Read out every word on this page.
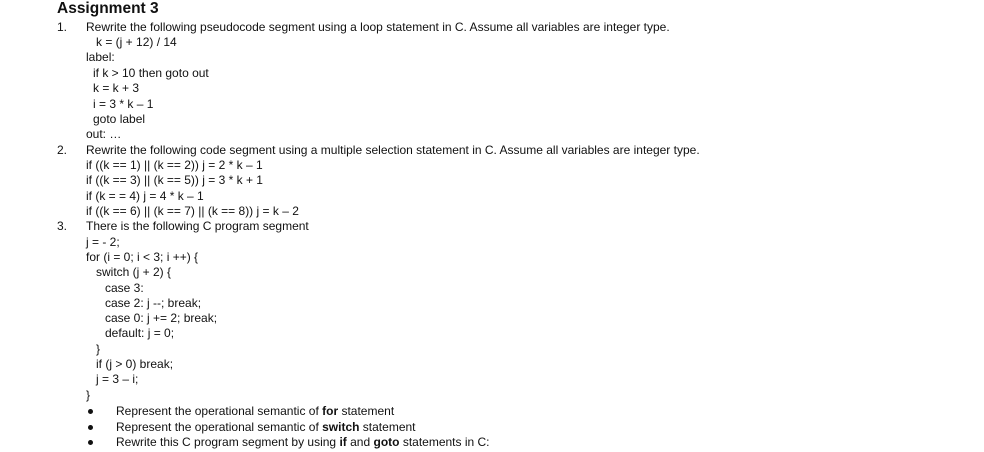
Assignment 3
1. Rewrite the following pseudocode segment using a loop statement in C. Assume all variables are integer type.
k = (j + 12) / 14
label:
if k > 10 then goto out
k = k + 3
i = 3 * k – 1
goto label
out: …
2. Rewrite the following code segment using a multiple selection statement in C. Assume all variables are integer type.
if ((k == 1) || (k == 2)) j = 2 * k – 1
if ((k == 3) || (k == 5)) j = 3 * k + 1
if (k = = 4) j = 4 * k – 1
if ((k == 6) || (k == 7) || (k == 8)) j = k – 2
3. There is the following C program segment
j = - 2;
for (i = 0; i < 3; i ++) {
switch (j + 2) {
case 3:
case 2: j --; break;
case 0: j += 2; break;
default: j = 0;
}
if (j > 0) break;
j = 3 – i;
}
Represent the operational semantic of for statement
Represent the operational semantic of switch statement
Rewrite this C program segment by using if and goto statements in C:
